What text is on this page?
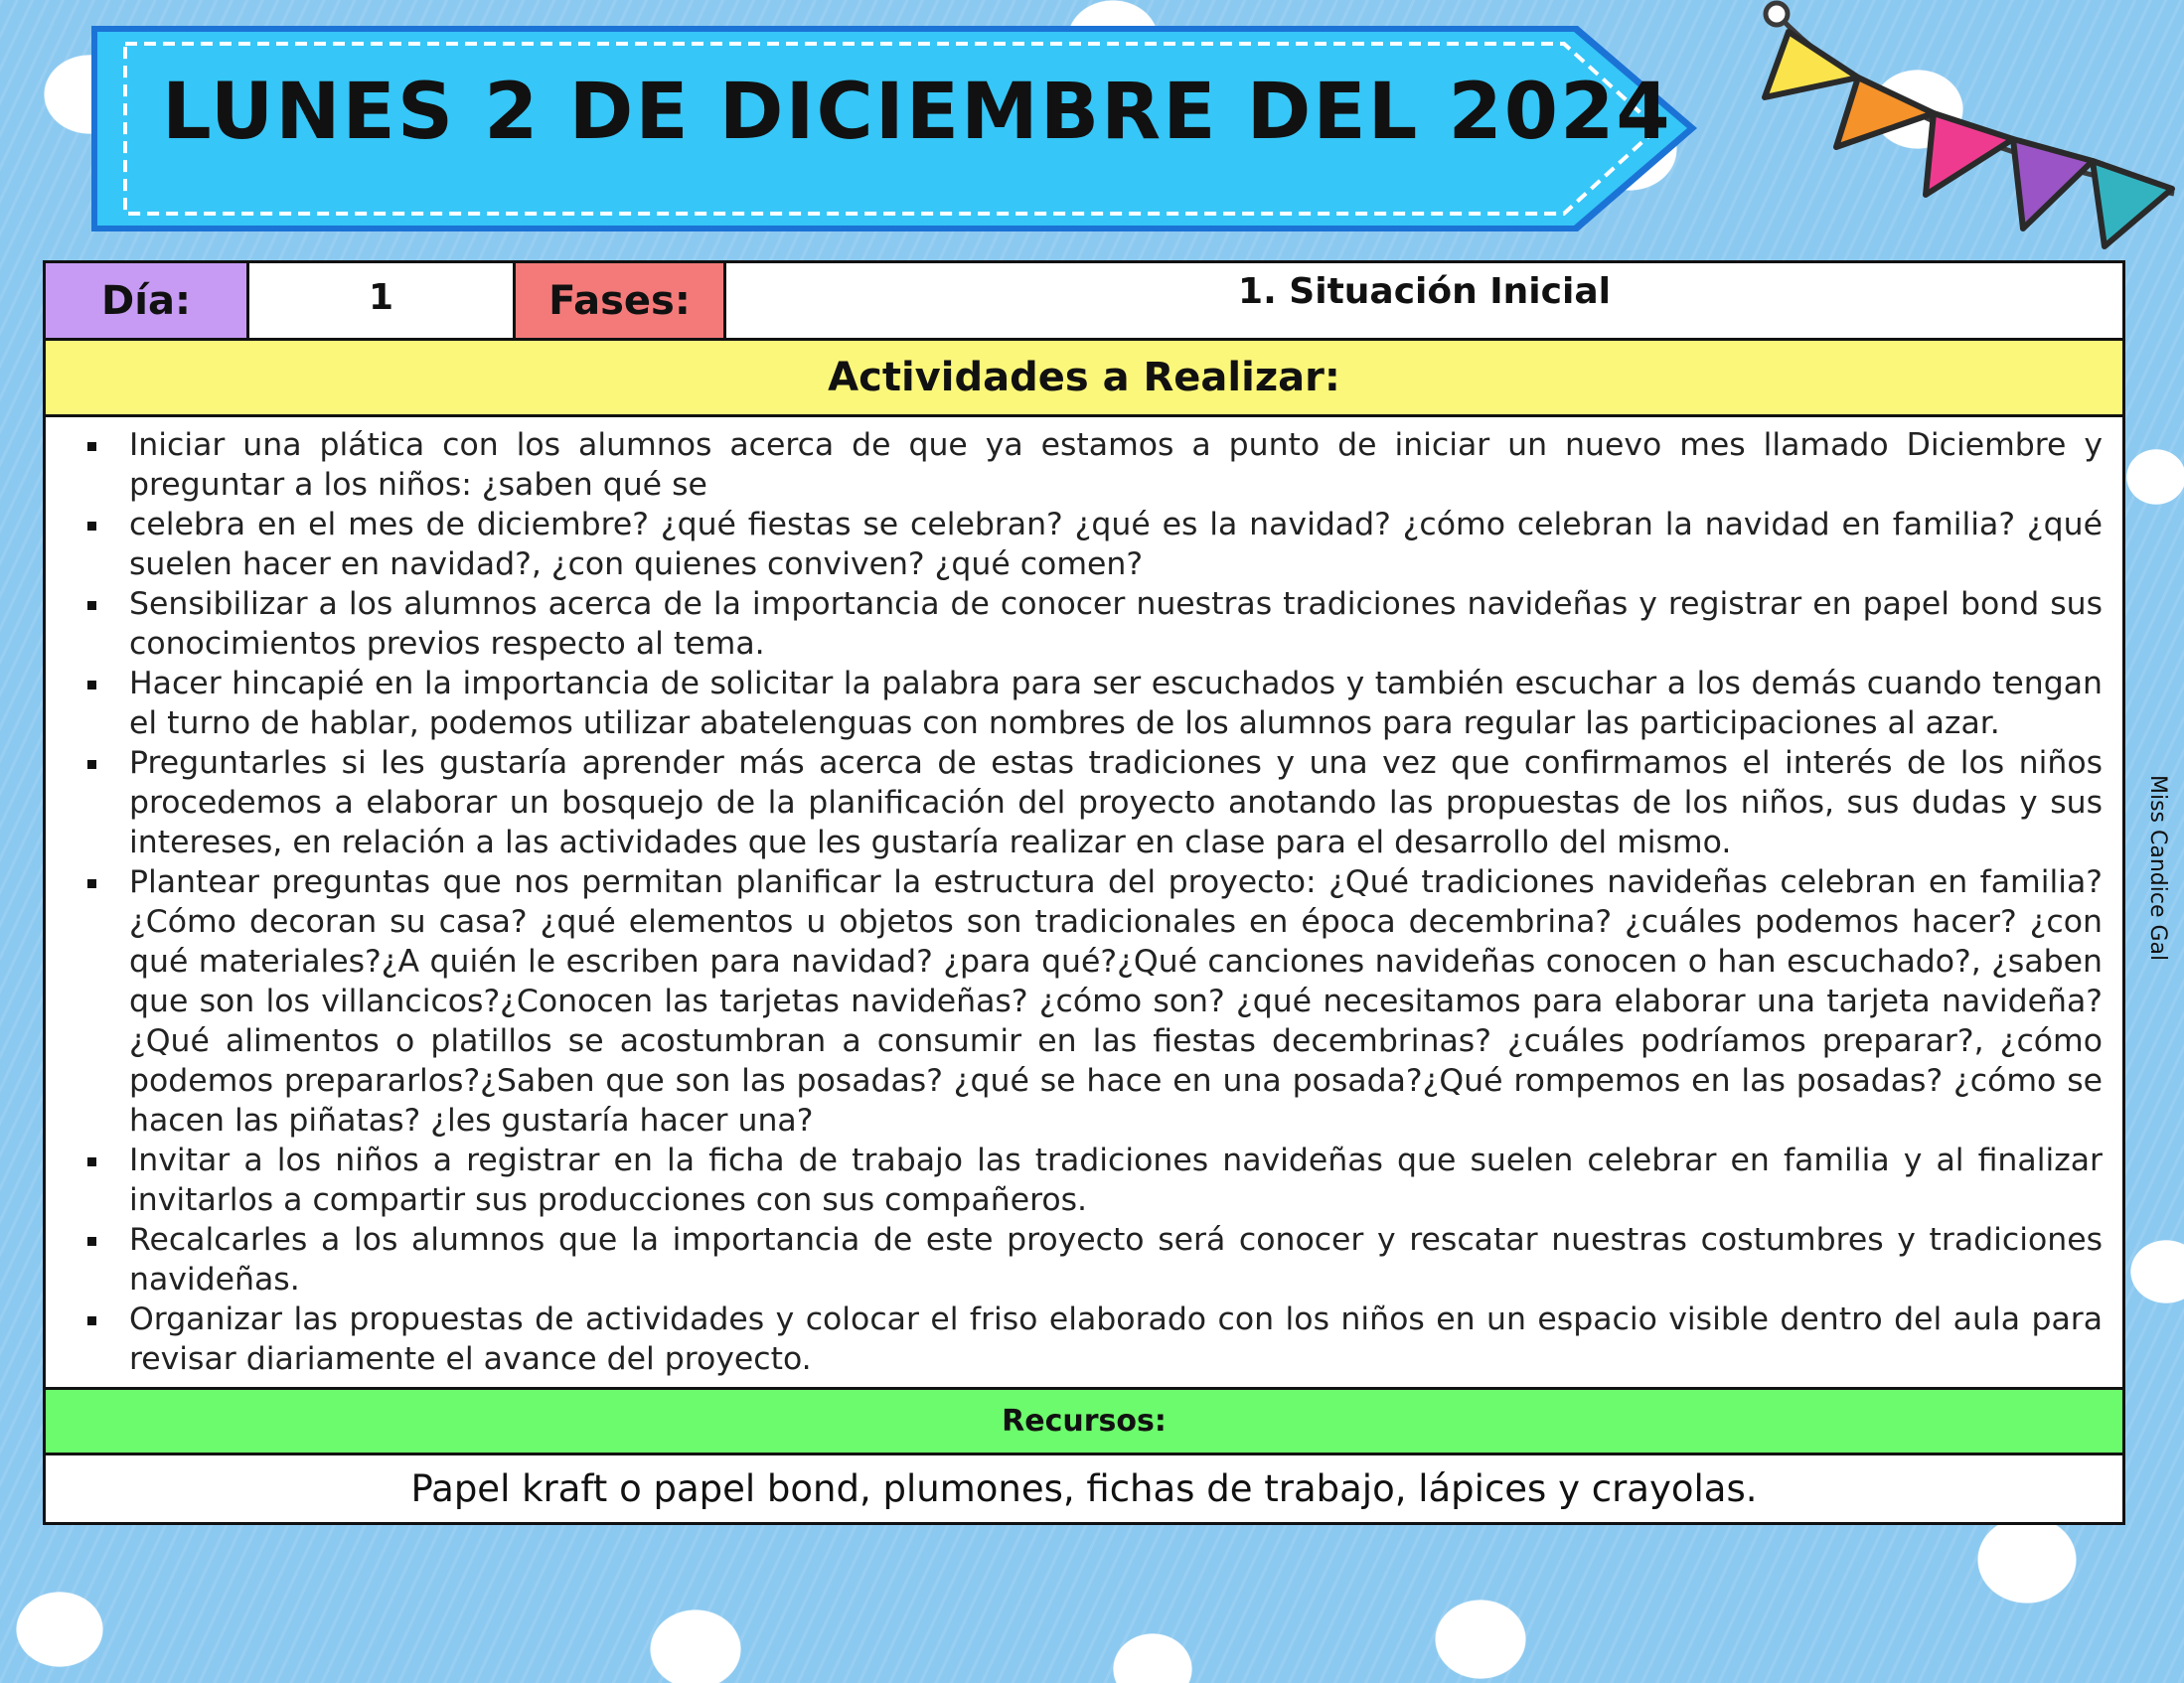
LUNES 2 DE DICIEMBRE DEL 2024
Día:	1	Fases:	1. Situación Inicial
Actividades a Realizar:
Iniciar una plática con los alumnos acerca de que ya estamos a punto de iniciar un nuevo mes llamado Diciembre y preguntar a los niños: ¿saben qué se
celebra en el mes de diciembre? ¿qué fiestas se celebran? ¿qué es la navidad? ¿cómo celebran la navidad en familia? ¿qué suelen hacer en navidad?, ¿con quienes conviven? ¿qué comen?
Sensibilizar a los alumnos acerca de la importancia de conocer nuestras tradiciones navideñas y registrar en papel bond sus conocimientos previos respecto al tema.
Hacer hincapié en la importancia de solicitar la palabra para ser escuchados y también escuchar a los demás cuando tengan el turno de hablar, podemos utilizar abatelenguas con nombres de los alumnos para regular las participaciones al azar.
Preguntarles si les gustaría aprender más acerca de estas tradiciones y una vez que confirmamos el interés de los niños procedemos a elaborar un bosquejo de la planificación del proyecto anotando las propuestas de los niños, sus dudas y sus intereses, en relación a las actividades que les gustaría realizar en clase para el desarrollo del mismo.
Plantear preguntas que nos permitan planificar la estructura del proyecto: ¿Qué tradiciones navideñas celebran en familia?¿Cómo decoran su casa? ¿qué elementos u objetos son tradicionales en época decembrina? ¿cuáles podemos hacer? ¿con qué materiales?¿A quién le escriben para navidad? ¿para qué?¿Qué canciones navideñas conocen o han escuchado?, ¿saben que son los villancicos?¿Conocen las tarjetas navideñas? ¿cómo son? ¿qué necesitamos para elaborar una tarjeta navideña?¿Qué alimentos o platillos se acostumbran a consumir en las fiestas decembrinas? ¿cuáles podríamos preparar?, ¿cómo podemos prepararlos?¿Saben que son las posadas? ¿qué se hace en una posada?¿Qué rompemos en las posadas? ¿cómo se hacen las piñatas? ¿les gustaría hacer una?
Invitar a los niños a registrar en la ficha de trabajo las tradiciones navideñas que suelen celebrar en familia y al finalizar invitarlos a compartir sus producciones con sus compañeros.
Recalcarles a los alumnos que la importancia de este proyecto será conocer y rescatar nuestras costumbres y tradiciones navideñas.
Organizar las propuestas de actividades y colocar el friso elaborado con los niños en un espacio visible dentro del aula para revisar diariamente el avance del proyecto.
Recursos:
Papel kraft o papel bond, plumones, fichas de trabajo, lápices y crayolas.
Miss Candice Gal
